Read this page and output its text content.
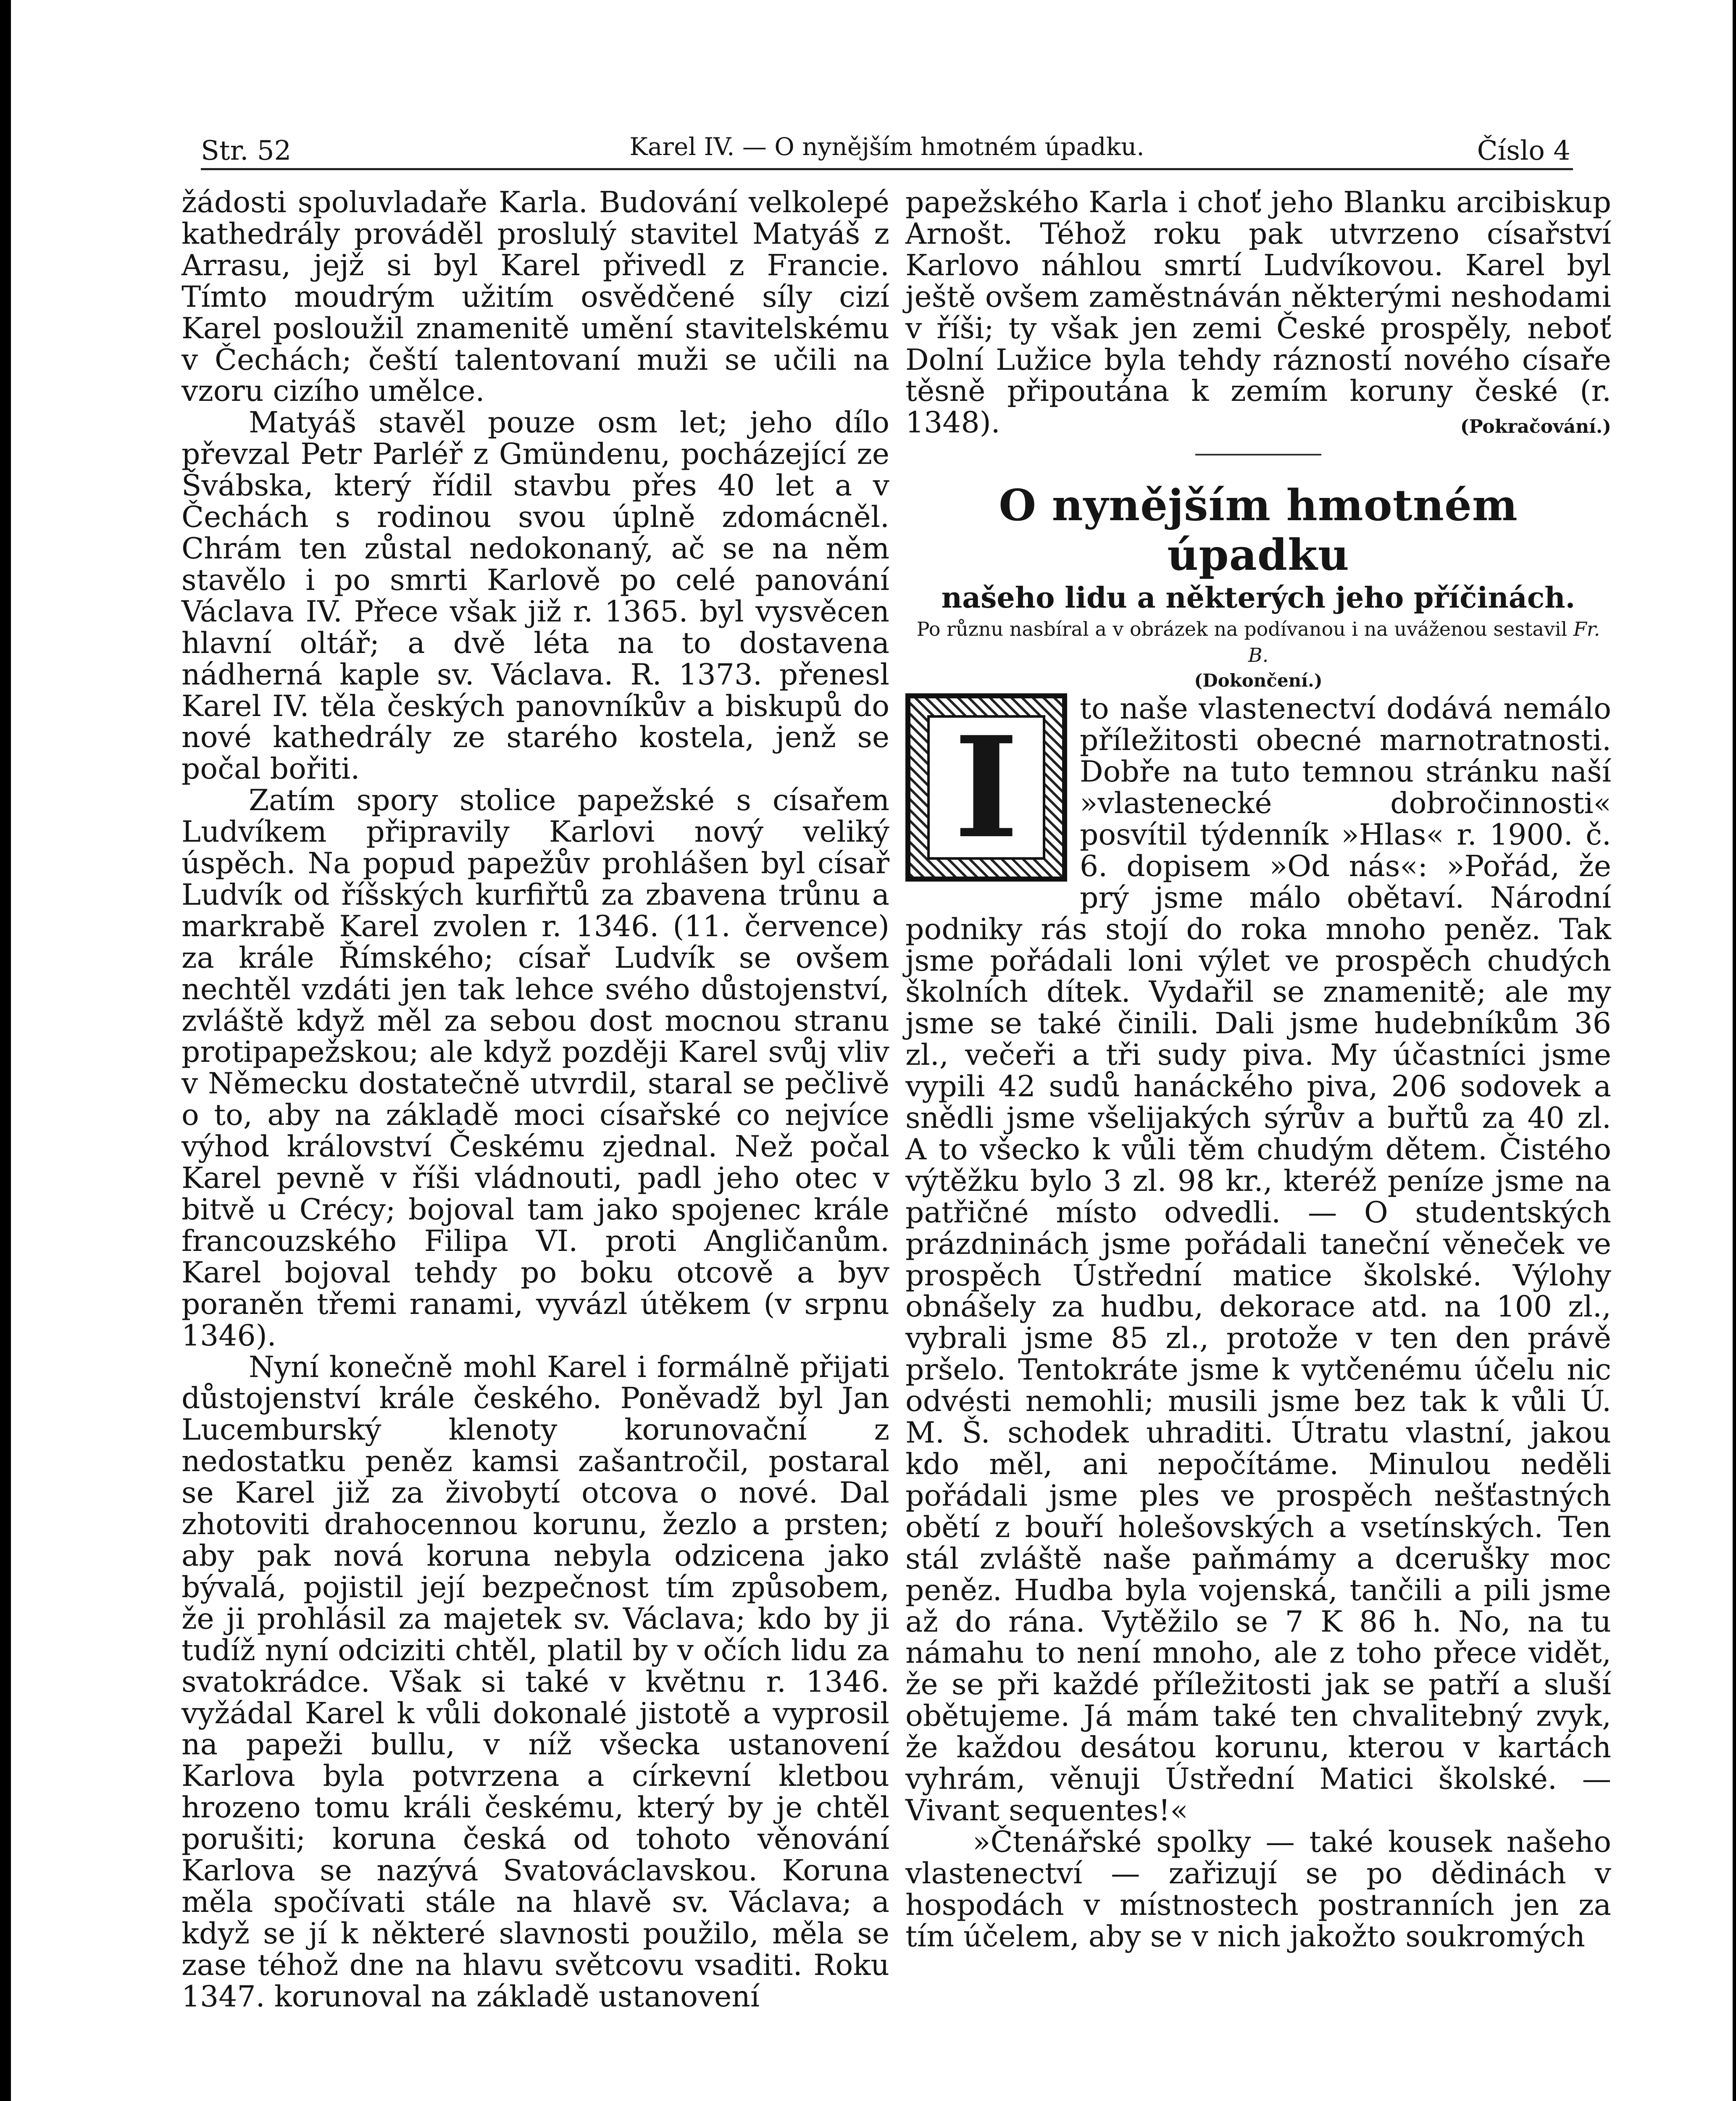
Str. 52	Karel IV. — O nynějším hmotném úpadku.	Číslo 4

žádosti spoluvladaře Karla. Budování velkolepé kathedrály prováděl proslulý stavitel Matyáš z Arrasu, jejž si byl Karel přivedl z Francie. Tímto moudrým užitím osvědčené síly cizí Karel posloužil znamenitě umění stavitelskému v Čechách; čeští talentovaní muži se učili na vzoru cizího umělce.

Matyáš stavěl pouze osm let; jeho dílo převzal Petr Parléř z Gmündenu, pocházející ze Švábska, který řídil stavbu přes 40 let a v Čechách s rodinou svou úplně zdomácněl. Chrám ten zůstal nedokonaný, ač se na něm stavělo i po smrti Karlově po celé panování Václava IV. Přece však již r. 1365. byl vysvěcen hlavní oltář; a dvě léta na to dostavena nádherná kaple sv. Václava. R. 1373. přenesl Karel IV. těla českých panovníkův a biskupů do nové kathedrály ze starého kostela, jenž se počal bořiti.

Zatím spory stolice papežské s císařem Ludvíkem připravily Karlovi nový veliký úspěch. Na popud papežův prohlášen byl císař Ludvík od říšských kurfiřtů za zbavena trůnu a markrabě Karel zvolen r. 1346. (11. července) za krále Římského; císař Ludvík se ovšem nechtěl vzdáti jen tak lehce svého důstojenství, zvláště když měl za sebou dost mocnou stranu protipapežskou; ale když později Karel svůj vliv v Německu dostatečně utvrdil, staral se pečlivě o to, aby na základě moci císařské co nejvíce výhod království Českému zjednal. Než počal Karel pevně v říši vládnouti, padl jeho otec v bitvě u Crécy; bojoval tam jako spojenec krále francouzského Filipa VI. proti Angličanům. Karel bojoval tehdy po boku otcově a byv poraněn třemi ranami, vyvázl útěkem (v srpnu 1346).

Nyní konečně mohl Karel i formálně přijati důstojenství krále českého. Poněvadž byl Jan Lucemburský klenoty korunovační z nedostatku peněz kamsi zašantročil, postaral se Karel již za živobytí otcova o nové. Dal zhotoviti drahocennou korunu, žezlo a prsten; aby pak nová koruna nebyla odzicena jako bývalá, pojistil její bezpečnost tím způsobem, že ji prohlásil za majetek sv. Václava; kdo by ji tudíž nyní odciziti chtěl, platil by v očích lidu za svatokrádce. Však si také v květnu r. 1346. vyžádal Karel k vůli dokonalé jistotě a vyprosil na papeži bullu, v níž všecka ustanovení Karlova byla potvrzena a církevní kletbou hrozeno tomu králi českému, který by je chtěl porušiti; koruna česká od tohoto věnování Karlova se nazývá Svatováclavskou. Koruna měla spočívati stále na hlavě sv. Václava; a když se jí k některé slavnosti použilo, měla se zase téhož dne na hlavu světcovu vsaditi. Roku 1347. korunoval na základě ustanovení

papežského Karla i choť jeho Blanku arcibiskup Arnošt. Téhož roku pak utvrzeno císařství Karlovo náhlou smrtí Ludvíkovou. Karel byl ještě ovšem zaměstnáván některými neshodami v říši; ty však jen zemi České prospěly, neboť Dolní Lužice byla tehdy rázností nového císaře těsně připoutána k zemím koruny české (r. 1348).	(Pokračování.)

O nynějším hmotném úpadku

našeho lidu a některých jeho příčinách.

Po různu nasbíral a v obrázek na podívanou i na uváženou sestavil Fr. B.

(Dokončení.)

I	to naše vlastenectví dodává nemálo příležitosti obecné marnotratnosti. Dobře na tuto temnou stránku naší »vlastenecké dobročinnosti« posvítil týdenník »Hlas« r. 1900. č. 6. dopisem »Od nás«: »Pořád, že prý jsme málo obětaví. Národní podniky rás stojí do roka mnoho peněz. Tak jsme pořádali loni výlet ve prospěch chudých školních dítek. Vydařil se znamenitě; ale my jsme se také činili. Dali jsme hudebníkům 36 zl., večeři a tři sudy piva. My účastníci jsme vypili 42 sudů hanáckého piva, 206 sodovek a snědli jsme všelijakých sýrův a buřtů za 40 zl. A to všecko k vůli těm chudým dětem. Čistého výtěžku bylo 3 zl. 98 kr., kteréž peníze jsme na patřičné místo odvedli. — O studentských prázdninách jsme pořádali taneční věneček ve prospěch Ústřední matice školské. Výlohy obnášely za hudbu, dekorace atd. na 100 zl., vybrali jsme 85 zl., protože v ten den právě pršelo. Tentokráte jsme k vytčenému účelu nic odvésti nemohli; musili jsme bez tak k vůli Ú. M. Š. schodek uhraditi. Útratu vlastní, jakou kdo měl, ani nepočítáme. Minulou neděli pořádali jsme ples ve prospěch nešťastných obětí z bouří holešovských a vsetínských. Ten stál zvláště naše paňmámy a dcerušky moc peněz. Hudba byla vojenská, tančili a pili jsme až do rána. Vytěžilo se 7 K 86 h. No, na tu námahu to není mnoho, ale z toho přece vidět, že se při každé příležitosti jak se patří a sluší obětujeme. Já mám také ten chvalitebný zvyk, že každou desátou korunu, kterou v kartách vyhrám, věnuji Ústřední Matici školské. — Vivant sequentes!«

»Čtenářské spolky — také kousek našeho vlastenectví — zařizují se po dědinách v hospodách v místnostech postranních jen za tím účelem, aby se v nich jakožto soukromých
